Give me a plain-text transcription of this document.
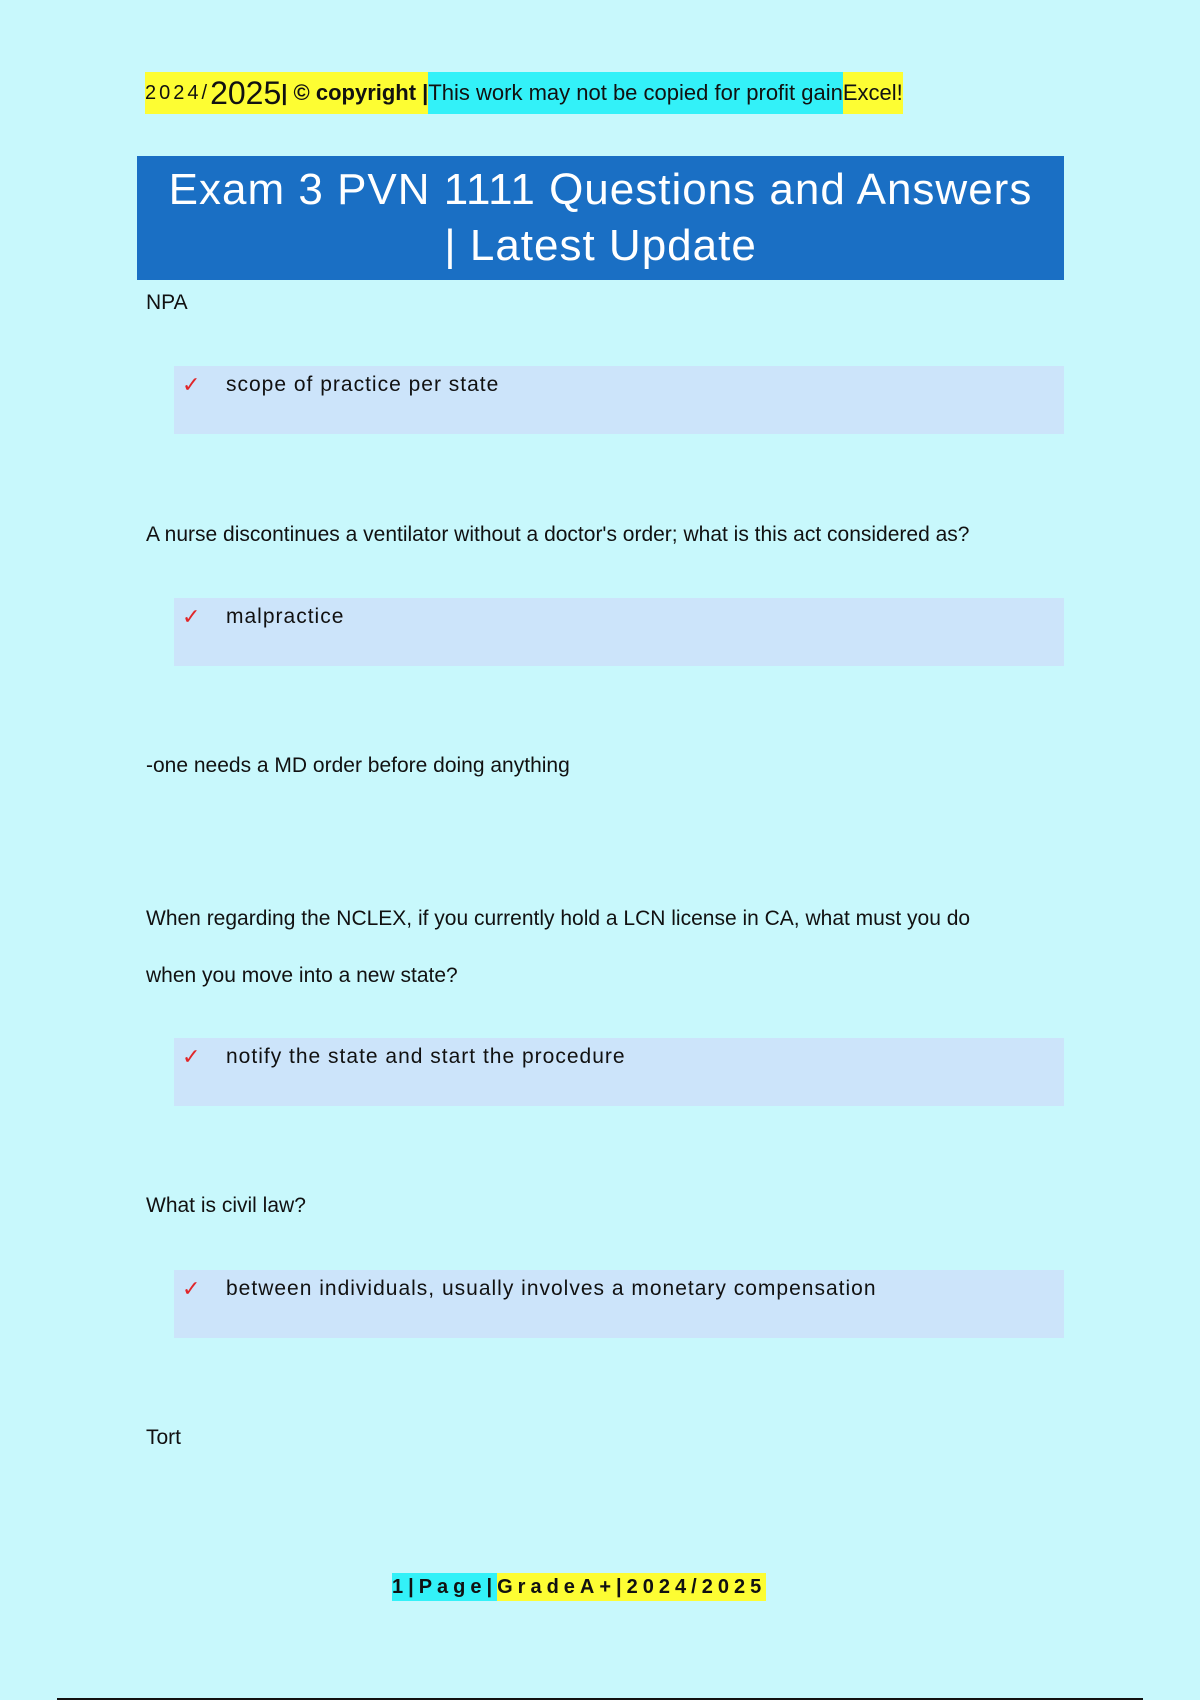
2024/ 2025 | © copyright | This work may not be copied for profit gain Excel!
Exam 3 PVN 1111 Questions and Answers
| Latest Update
NPA
✓ scope of practice per state
A nurse discontinues a ventilator without a doctor's order; what is this act considered as?
✓ malpractice
-one needs a MD order before doing anything
When regarding the NCLEX, if you currently hold a LCN license in CA, what must you do
when you move into a new state?
✓ notify the state and start the procedure
What is civil law?
✓ between individuals, usually involves a monetary compensation
Tort
1|Page| GradeA+|2024/ 2025
